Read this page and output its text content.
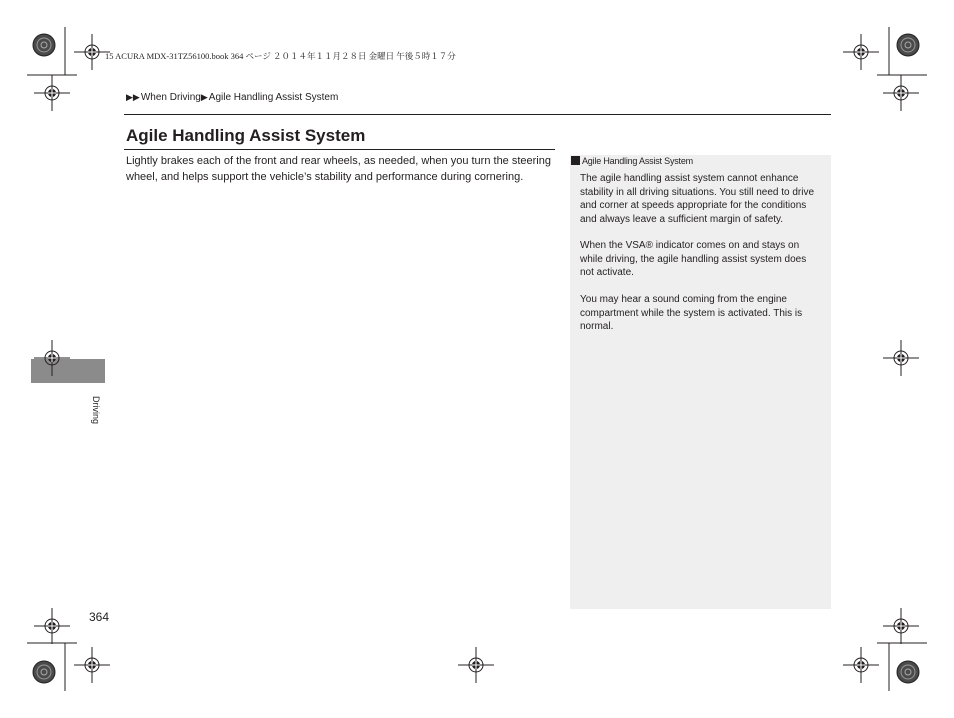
15 ACURA MDX-31TZ56100.book 364 ページ ２０１４年１１月２８日 金曜日 午後５時１７分
▶▶When Driving▶Agile Handling Assist System
Agile Handling Assist System
Lightly brakes each of the front and rear wheels, as needed, when you turn the steering wheel, and helps support the vehicle’s stability and performance during cornering.
Agile Handling Assist System
The agile handling assist system cannot enhance stability in all driving situations. You still need to drive and corner at speeds appropriate for the conditions and always leave a sufficient margin of safety.
When the VSA® indicator comes on and stays on while driving, the agile handling assist system does not activate.
You may hear a sound coming from the engine compartment while the system is activated. This is normal.
Driving
364
